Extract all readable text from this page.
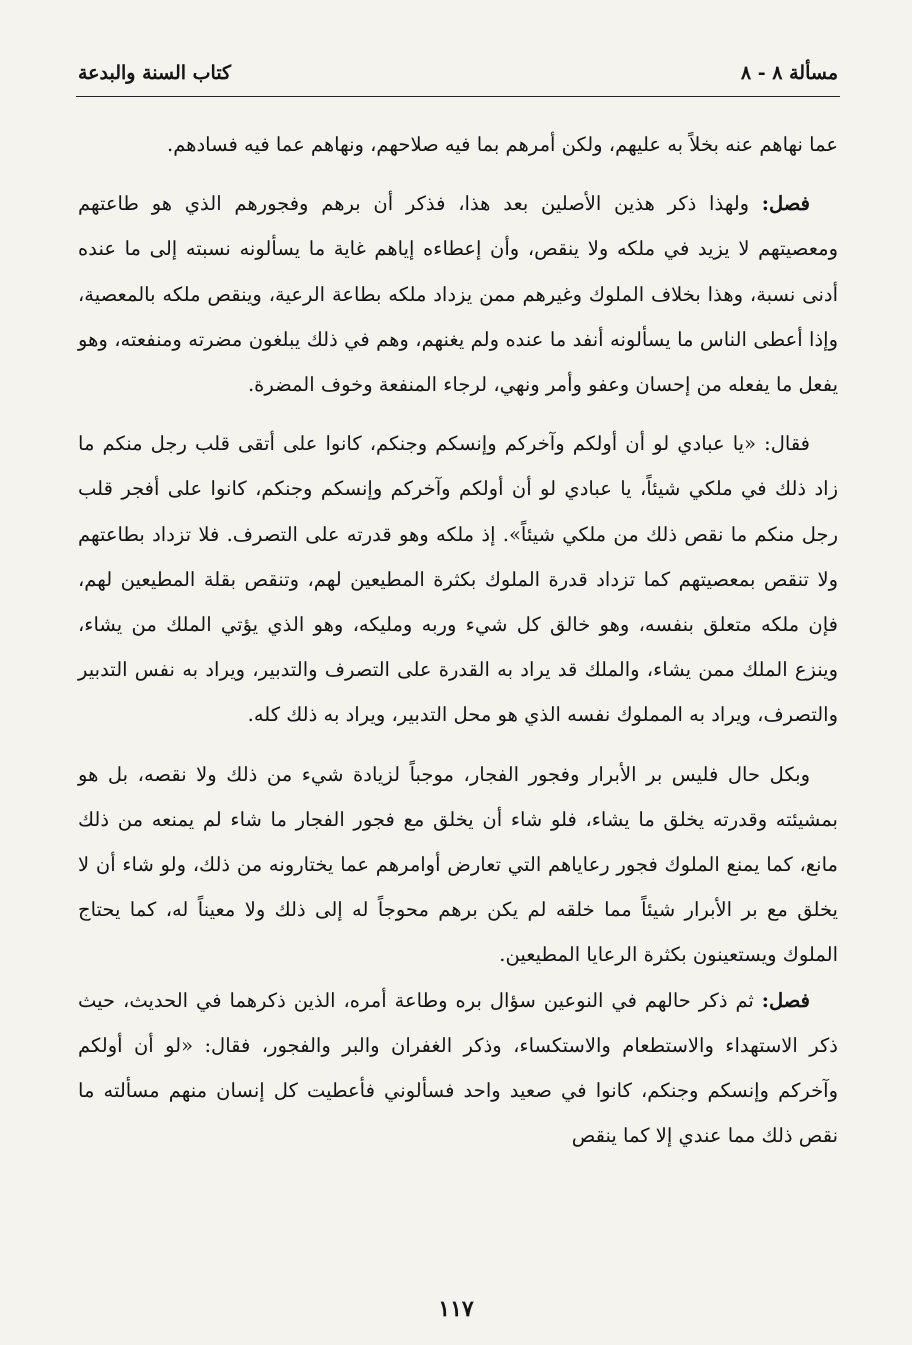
مسألة ٨ - ٨
كتاب السنة والبدعة

عما نهاهم عنه بخلاً به عليهم، ولكن أمرهم بما فيه صلاحهم، ونهاهم عما فيه فسادهم.

فصل: ولهذا ذكر هذين الأصلين بعد هذا، فذكر أن برهم وفجورهم الذي هو طاعتهم ومعصيتهم لا يزيد في ملكه ولا ينقص، وأن إعطاءه إياهم غاية ما يسألونه نسبته إلى ما عنده أدنى نسبة، وهذا بخلاف الملوك وغيرهم ممن يزداد ملكه بطاعة الرعية، وينقص ملكه بالمعصية، وإذا أعطى الناس ما يسألونه أنفد ما عنده ولم يغنهم، وهم في ذلك يبلغون مضرته ومنفعته، وهو يفعل ما يفعله من إحسان وعفو وأمر ونهي، لرجاء المنفعة وخوف المضرة.

فقال: «يا عبادي لو أن أولكم وآخركم وإنسكم وجنكم، كانوا على أتقى قلب رجل منكم ما زاد ذلك في ملكي شيئاً، يا عبادي لو أن أولكم وآخركم وإنسكم وجنكم، كانوا على أفجر قلب رجل منكم ما نقص ذلك من ملكي شيئاً». إذ ملكه وهو قدرته على التصرف. فلا تزداد بطاعتهم ولا تنقص بمعصيتهم كما تزداد قدرة الملوك بكثرة المطيعين لهم، وتنقص بقلة المطيعين لهم، فإن ملكه متعلق بنفسه، وهو خالق كل شيء وربه ومليكه، وهو الذي يؤتي الملك من يشاء، وينزع الملك ممن يشاء، والملك قد يراد به القدرة على التصرف والتدبير، ويراد به نفس التدبير والتصرف، ويراد به المملوك نفسه الذي هو محل التدبير، ويراد به ذلك كله.

وبكل حال فليس بر الأبرار وفجور الفجار، موجباً لزيادة شيء من ذلك ولا نقصه، بل هو بمشيئته وقدرته يخلق ما يشاء، فلو شاء أن يخلق مع فجور الفجار ما شاء لم يمنعه من ذلك مانع، كما يمنع الملوك فجور رعاياهم التي تعارض أوامرهم عما يختارونه من ذلك، ولو شاء أن لا يخلق مع بر الأبرار شيئاً مما خلقه لم يكن برهم محوجاً له إلى ذلك ولا معيناً له، كما يحتاج الملوك ويستعينون بكثرة الرعايا المطيعين.

فصل: ثم ذكر حالهم في النوعين سؤال بره وطاعة أمره، الذين ذكرهما في الحديث، حيث ذكر الاستهداء والاستطعام والاستكساء، وذكر الغفران والبر والفجور، فقال: «لو أن أولكم وآخركم وإنسكم وجنكم، كانوا في صعيد واحد فسألوني فأعطيت كل إنسان منهم مسألته ما نقص ذلك مما عندي إلا كما ينقص

١١٧
